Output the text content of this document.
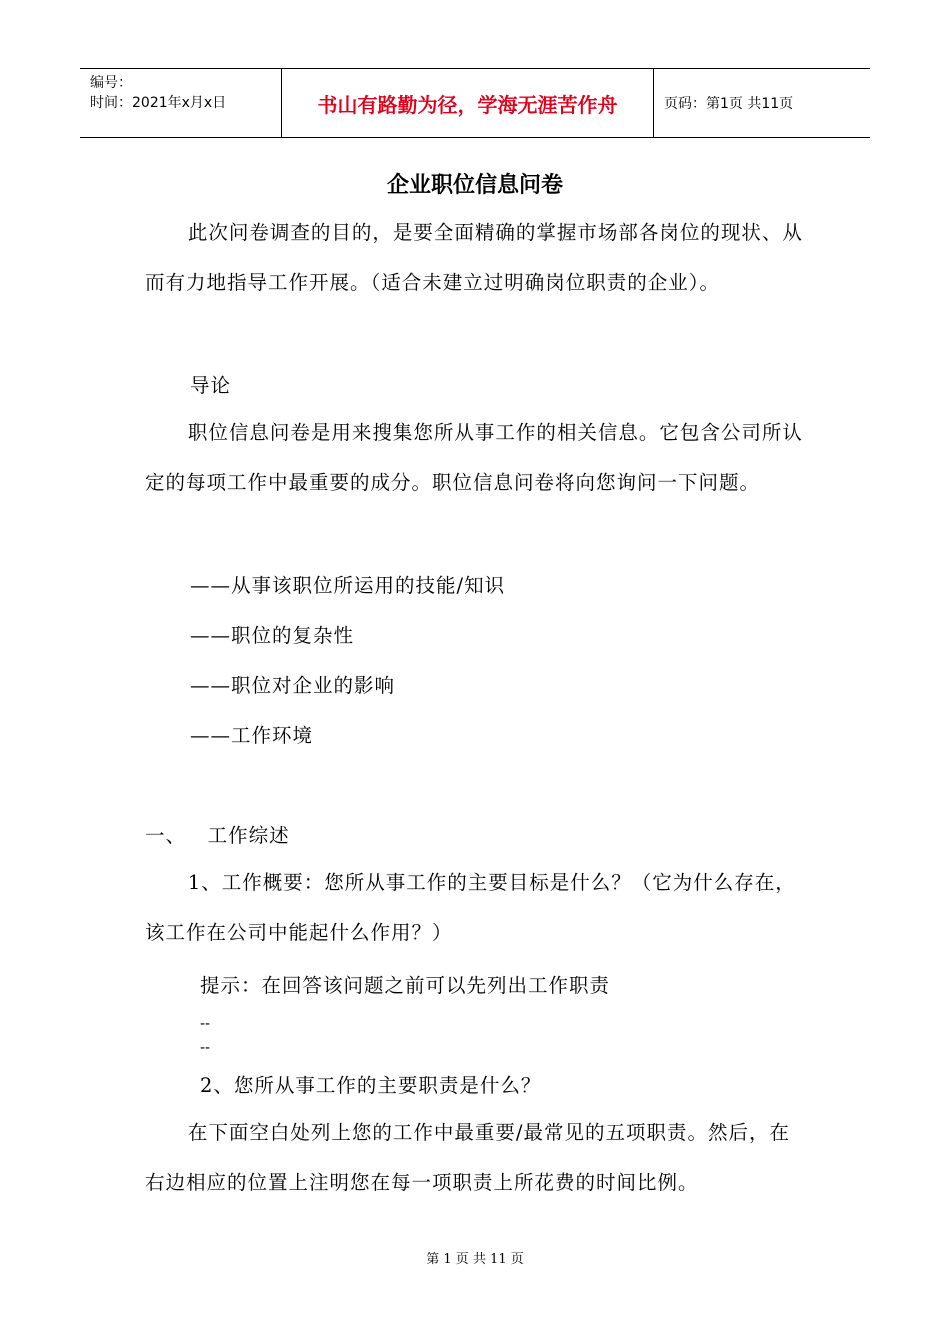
编号：
时间：2021年x月x日	书山有路勤为径，学海无涯苦作舟	页码：第1页 共11页
企业职位信息问卷

此次问卷调查的目的，是要全面精确的掌握市场部各岗位的现状、从而有力地指导工作开展。（适合未建立过明确岗位职责的企业）。

导论

职位信息问卷是用来搜集您所从事工作的相关信息。它包含公司所认定的每项工作中最重要的成分。职位信息问卷将向您询问一下问题。

——从事该职位所运用的技能/知识

——职位的复杂性

——职位对企业的影响

——工作环境

一、   工作综述

1、工作概要：您所从事工作的主要目标是什么？（它为什么存在，该工作在公司中能起什么作用？）

提示：在回答该问题之前可以先列出工作职责

--

--

2、您所从事工作的主要职责是什么？

在下面空白处列上您的工作中最重要/最常见的五项职责。然后，在右边相应的位置上注明您在每一项职责上所花费的时间比例。

第 1 页 共 11 页
